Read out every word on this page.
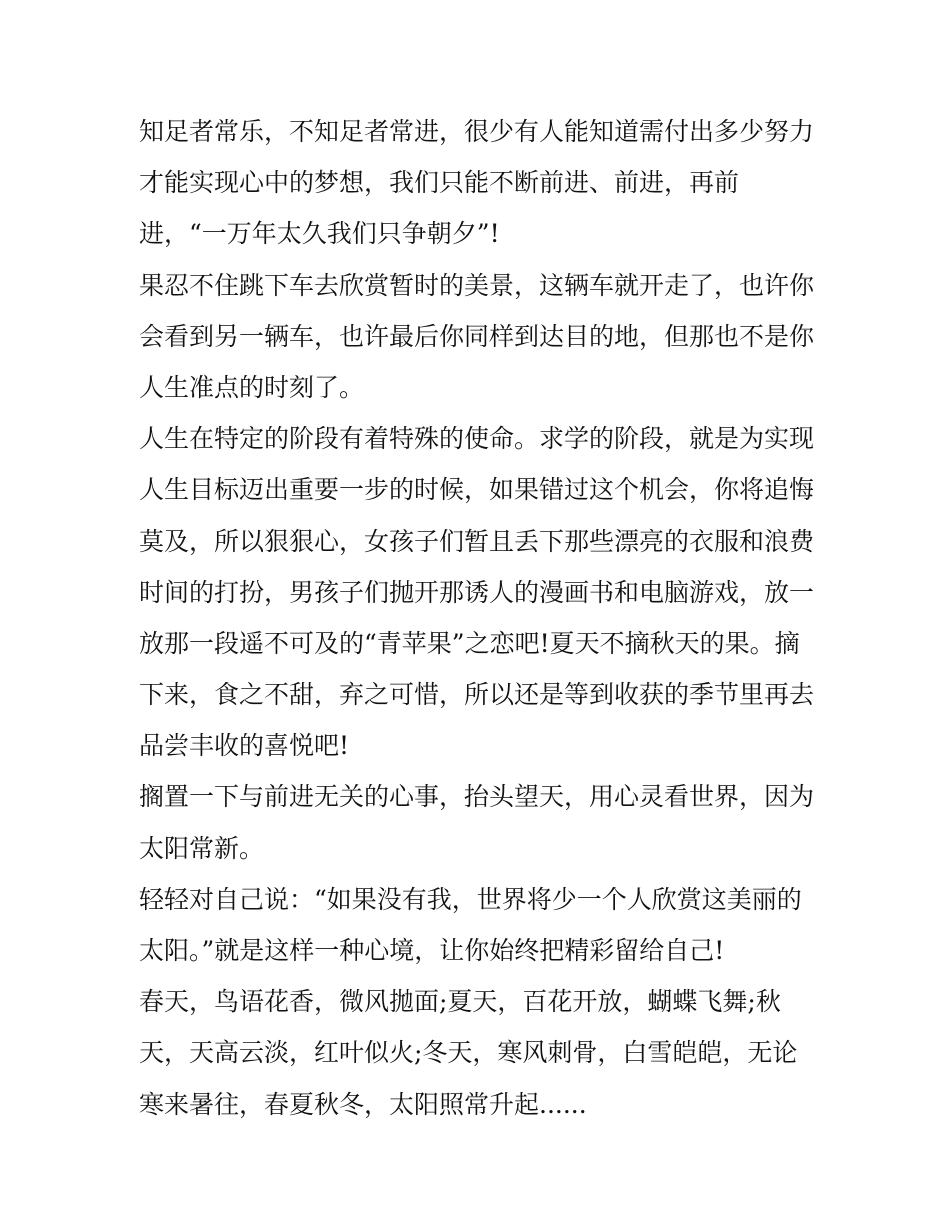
知足者常乐，不知足者常进，很少有人能知道需付出多少努力
才能实现心中的梦想，我们只能不断前进、前进，再前
进，“一万年太久我们只争朝夕”!
果忍不住跳下车去欣赏暂时的美景，这辆车就开走了，也许你
会看到另一辆车，也许最后你同样到达目的地，但那也不是你
人生准点的时刻了。
人生在特定的阶段有着特殊的使命。求学的阶段，就是为实现
人生目标迈出重要一步的时候，如果错过这个机会，你将追悔
莫及，所以狠狠心，女孩子们暂且丢下那些漂亮的衣服和浪费
时间的打扮，男孩子们抛开那诱人的漫画书和电脑游戏，放一
放那一段遥不可及的“青苹果”之恋吧!夏天不摘秋天的果。摘
下来，食之不甜，弃之可惜，所以还是等到收获的季节里再去
品尝丰收的喜悦吧!
搁置一下与前进无关的心事，抬头望天，用心灵看世界，因为
太阳常新。
轻轻对自己说：“如果没有我，世界将少一个人欣赏这美丽的
太阳。”就是这样一种心境，让你始终把精彩留给自己!
春天，鸟语花香，微风拋面;夏天，百花开放，蝴蝶飞舞;秋
天，天高云淡，红叶似火;冬天，寒风刺骨，白雪皑皑，无论
寒来暑往，春夏秋冬，太阳照常升起......
